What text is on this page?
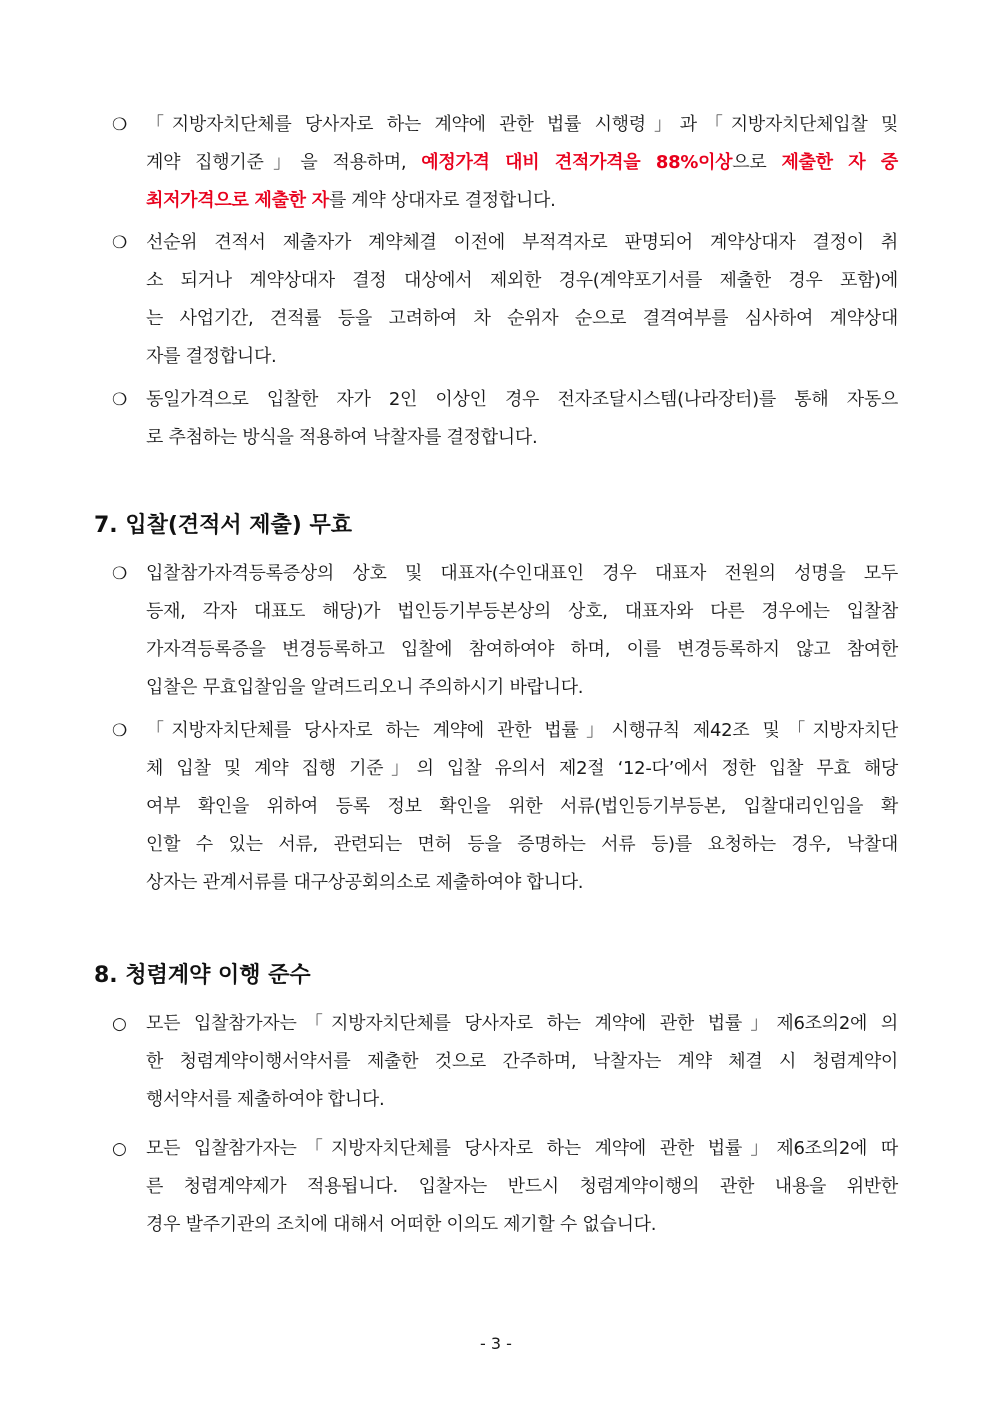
❍	「지방자치단체를 당사자로 하는 계약에 관한 법률 시행령」과「지방자치단체입찰 및
계약 집행기준」을 적용하며, 예정가격 대비 견적가격을 88%이상으로 제출한 자 중
최저가격으로 제출한 자를 계약 상대자로 결정합니다.
❍	선순위 견적서 제출자가 계약체결 이전에 부적격자로 판명되어 계약상대자 결정이 취
소 되거나 계약상대자 결정 대상에서 제외한 경우(계약포기서를 제출한 경우 포함)에
는 사업기간, 견적률 등을 고려하여 차 순위자 순으로 결격여부를 심사하여 계약상대
자를 결정합니다.
❍	동일가격으로 입찰한 자가 2인 이상인 경우 전자조달시스템(나라장터)를 통해 자동으
로 추첨하는 방식을 적용하여 낙찰자를 결정합니다.
7. 입찰(견적서 제출) 무효
❍	입찰참가자격등록증상의 상호 및 대표자(수인대표인 경우 대표자 전원의 성명을 모두
등재, 각자 대표도 해당)가 법인등기부등본상의 상호, 대표자와 다른 경우에는 입찰참
가자격등록증을 변경등록하고 입찰에 참여하여야 하며, 이를 변경등록하지 않고 참여한
입찰은 무효입찰임을 알려드리오니 주의하시기 바랍니다.
❍	「지방자치단체를 당사자로 하는 계약에 관한 법률」시행규칙 제42조 및「지방자치단
체 입찰 및 계약 집행 기준」의 입찰 유의서 제2절 ‘12-다’에서 정한 입찰 무효 해당
여부 확인을 위하여 등록 정보 확인을 위한 서류(법인등기부등본, 입찰대리인임을 확
인할 수 있는 서류, 관련되는 면허 등을 증명하는 서류 등)를 요청하는 경우, 낙찰대
상자는 관계서류를 대구상공회의소로 제출하여야 합니다.
8. 청렴계약 이행 준수
○	모든 입찰참가자는「지방자치단체를 당사자로 하는 계약에 관한 법률」제6조의2에 의
한 청렴계약이행서약서를 제출한 것으로 간주하며, 낙찰자는 계약 체결 시 청렴계약이
행서약서를 제출하여야 합니다.
○	모든 입찰참가자는「지방자치단체를 당사자로 하는 계약에 관한 법률」제6조의2에 따
른 청렴계약제가 적용됩니다. 입찰자는 반드시 청렴계약이행의 관한 내용을 위반한
경우 발주기관의 조치에 대해서 어떠한 이의도 제기할 수 없습니다.
- 3 -
